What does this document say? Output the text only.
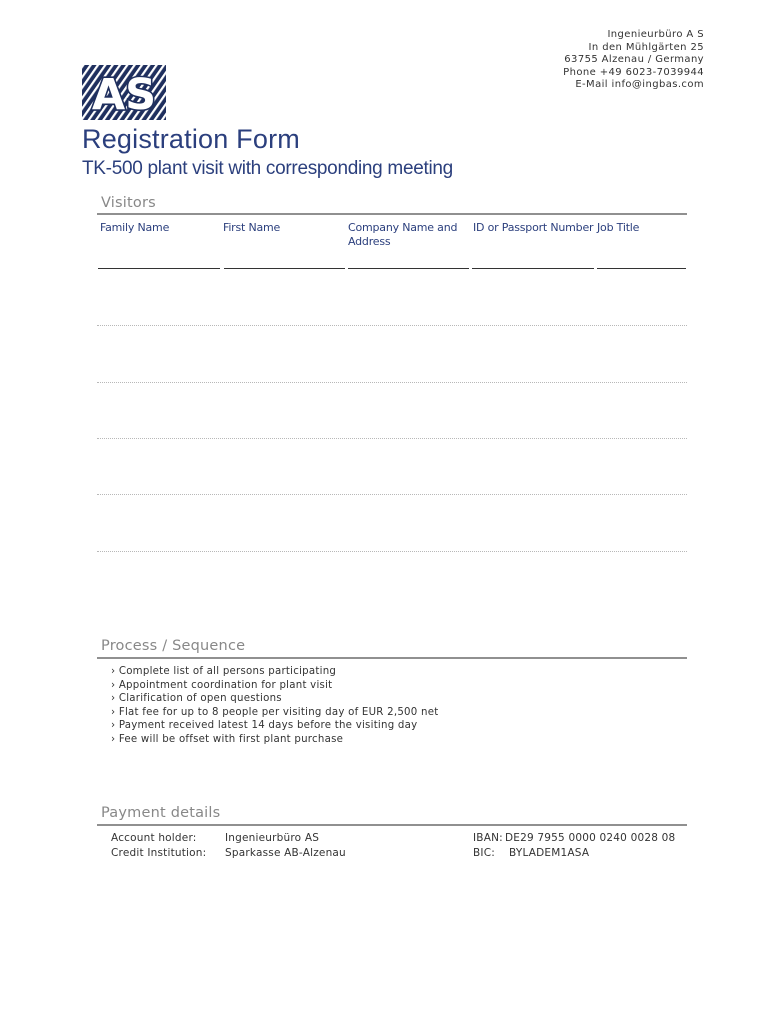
Ingenieurbüro A S
In den Mühlgärten 25
63755 Alzenau / Germany
Phone +49 6023-7039944
E-Mail info@ingbas.com
AS
Registration Form
TK-500 plant visit with corresponding meeting
Visitors
Family Name	First Name	Company Name and
Address
ID or Passport Number Job Title
Process / Sequence
› Complete list of all persons participating
› Appointment coordination for plant visit
› Clarification of open questions
› Flat fee for up to 8 people per visiting day of EUR 2,500 net
› Payment received latest 14 days before the visiting day
› Fee will be offset with first plant purchase
Payment details
Account holder:
Credit Institution:
Ingenieurbüro AS
Sparkasse AB-Alzenau
IBAN:
BIC:
DE29 7955 0000 0240 0028 08
BYLADEM1ASA
